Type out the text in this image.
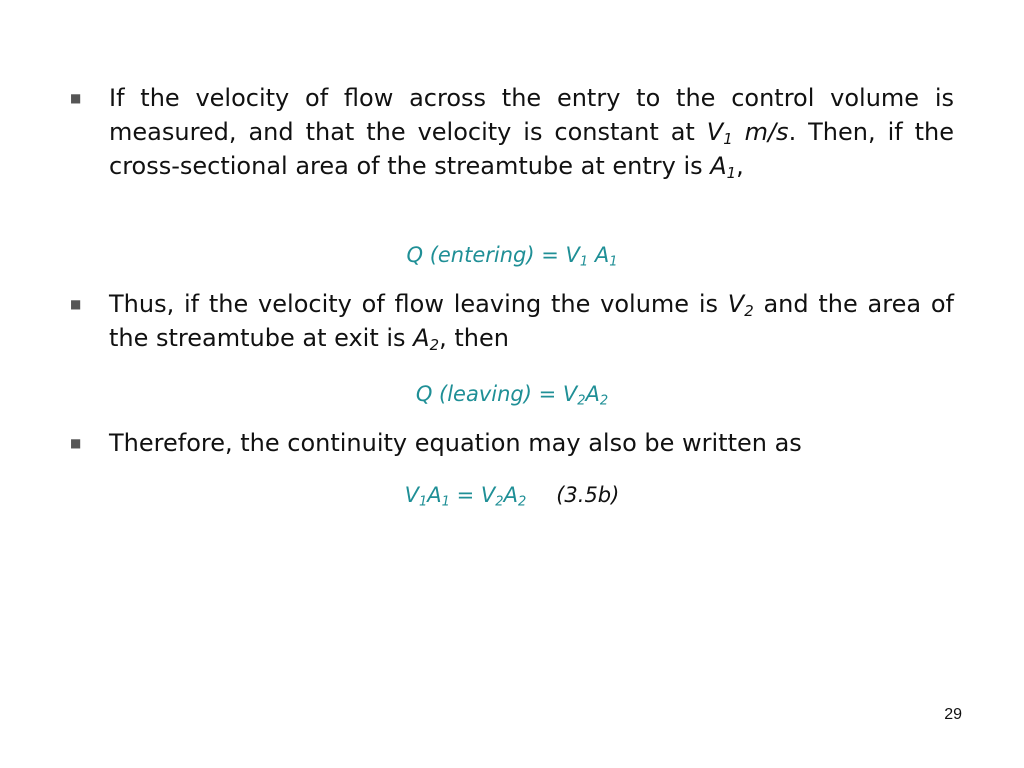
■	If the velocity of flow across the entry to the control volume is measured, and that the velocity is constant at $V_1$ m/s. Then, if the cross-sectional area of the streamtube at entry is $A_1$,
Q (entering) = $V_1$ $A_1$
■	Thus, if the velocity of flow leaving the volume is $V_2$ and the area of the streamtube at exit is $A_2$, then
Q (leaving) = $V_2A_2$
■	Therefore, the continuity equation may also be written as
$V_1A_1 = V_2A_2$ (3.5b)
29
